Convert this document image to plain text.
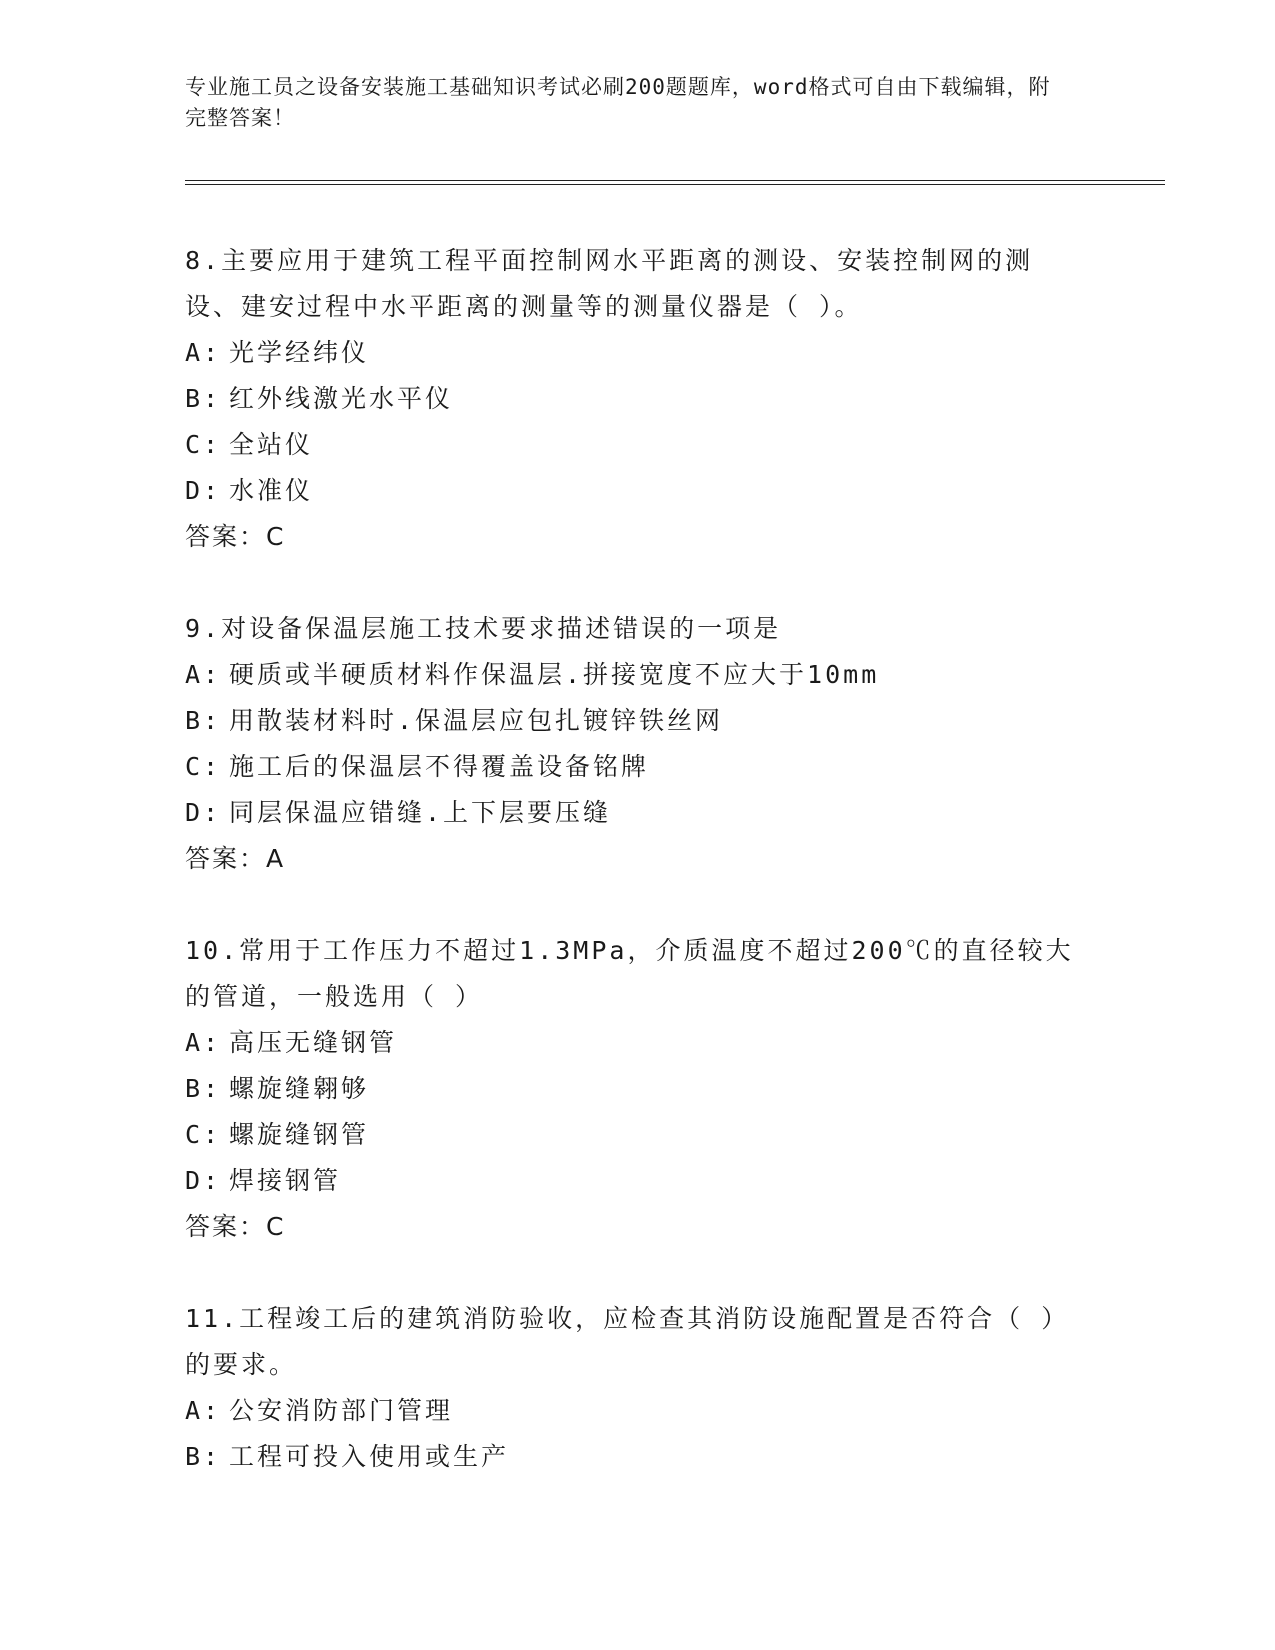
专业施工员之设备安装施工基础知识考试必刷200题题库，word格式可自由下载编辑，附完整答案！

8.主要应用于建筑工程平面控制网水平距离的测设、安装控制网的测设、建安过程中水平距离的测量等的测量仪器是（ ）。

A: 光学经纬仪

B: 红外线激光水平仪

C: 全站仪

D: 水准仪

答案：C

9.对设备保温层施工技术要求描述错误的一项是

A: 硬质或半硬质材料作保温层.拼接宽度不应大于10mm

B: 用散装材料时.保温层应包扎镀锌铁丝网

C: 施工后的保温层不得覆盖设备铭牌

D: 同层保温应错缝.上下层要压缝

答案：A

10.常用于工作压力不超过1.3MPa，介质温度不超过200℃的直径较大的管道，一般选用（ ）

A: 高压无缝钢管

B: 螺旋缝翱够

C: 螺旋缝钢管

D: 焊接钢管

答案：C

11.工程竣工后的建筑消防验收，应检查其消防设施配置是否符合（ ）的要求。

A: 公安消防部门管理

B: 工程可投入使用或生产
